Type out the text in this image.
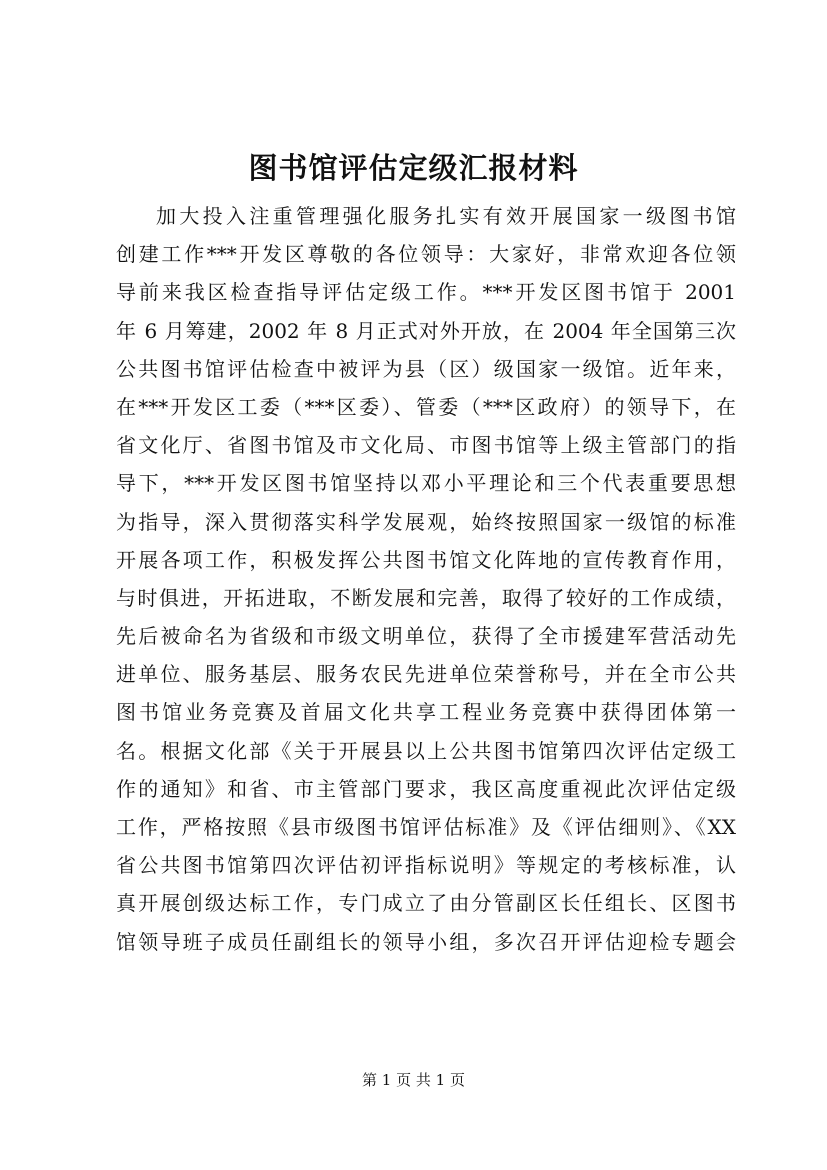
图书馆评估定级汇报材料
加大投入注重管理强化服务扎实有效开展国家一级图书馆
创建工作***开发区尊敬的各位领导：大家好，非常欢迎各位领
导前来我区检查指导评估定级工作。***开发区图书馆于 2001
年 6 月筹建，2002 年 8 月正式对外开放，在 2004 年全国第三次
公共图书馆评估检查中被评为县（区）级国家一级馆。近年来，
在***开发区工委（***区委）、管委（***区政府）的领导下，在
省文化厅、省图书馆及市文化局、市图书馆等上级主管部门的指
导下，***开发区图书馆坚持以邓小平理论和三个代表重要思想
为指导，深入贯彻落实科学发展观，始终按照国家一级馆的标准
开展各项工作，积极发挥公共图书馆文化阵地的宣传教育作用，
与时俱进，开拓进取，不断发展和完善，取得了较好的工作成绩，
先后被命名为省级和市级文明单位，获得了全市援建军营活动先
进单位、服务基层、服务农民先进单位荣誉称号，并在全市公共
图书馆业务竞赛及首届文化共享工程业务竞赛中获得团体第一
名。根据文化部《关于开展县以上公共图书馆第四次评估定级工
作的通知》和省、市主管部门要求，我区高度重视此次评估定级
工作，严格按照《县市级图书馆评估标准》及《评估细则》、《XX
省公共图书馆第四次评估初评指标说明》等规定的考核标准，认
真开展创级达标工作，专门成立了由分管副区长任组长、区图书
馆领导班子成员任副组长的领导小组，多次召开评估迎检专题会
第 1 页 共 1 页
